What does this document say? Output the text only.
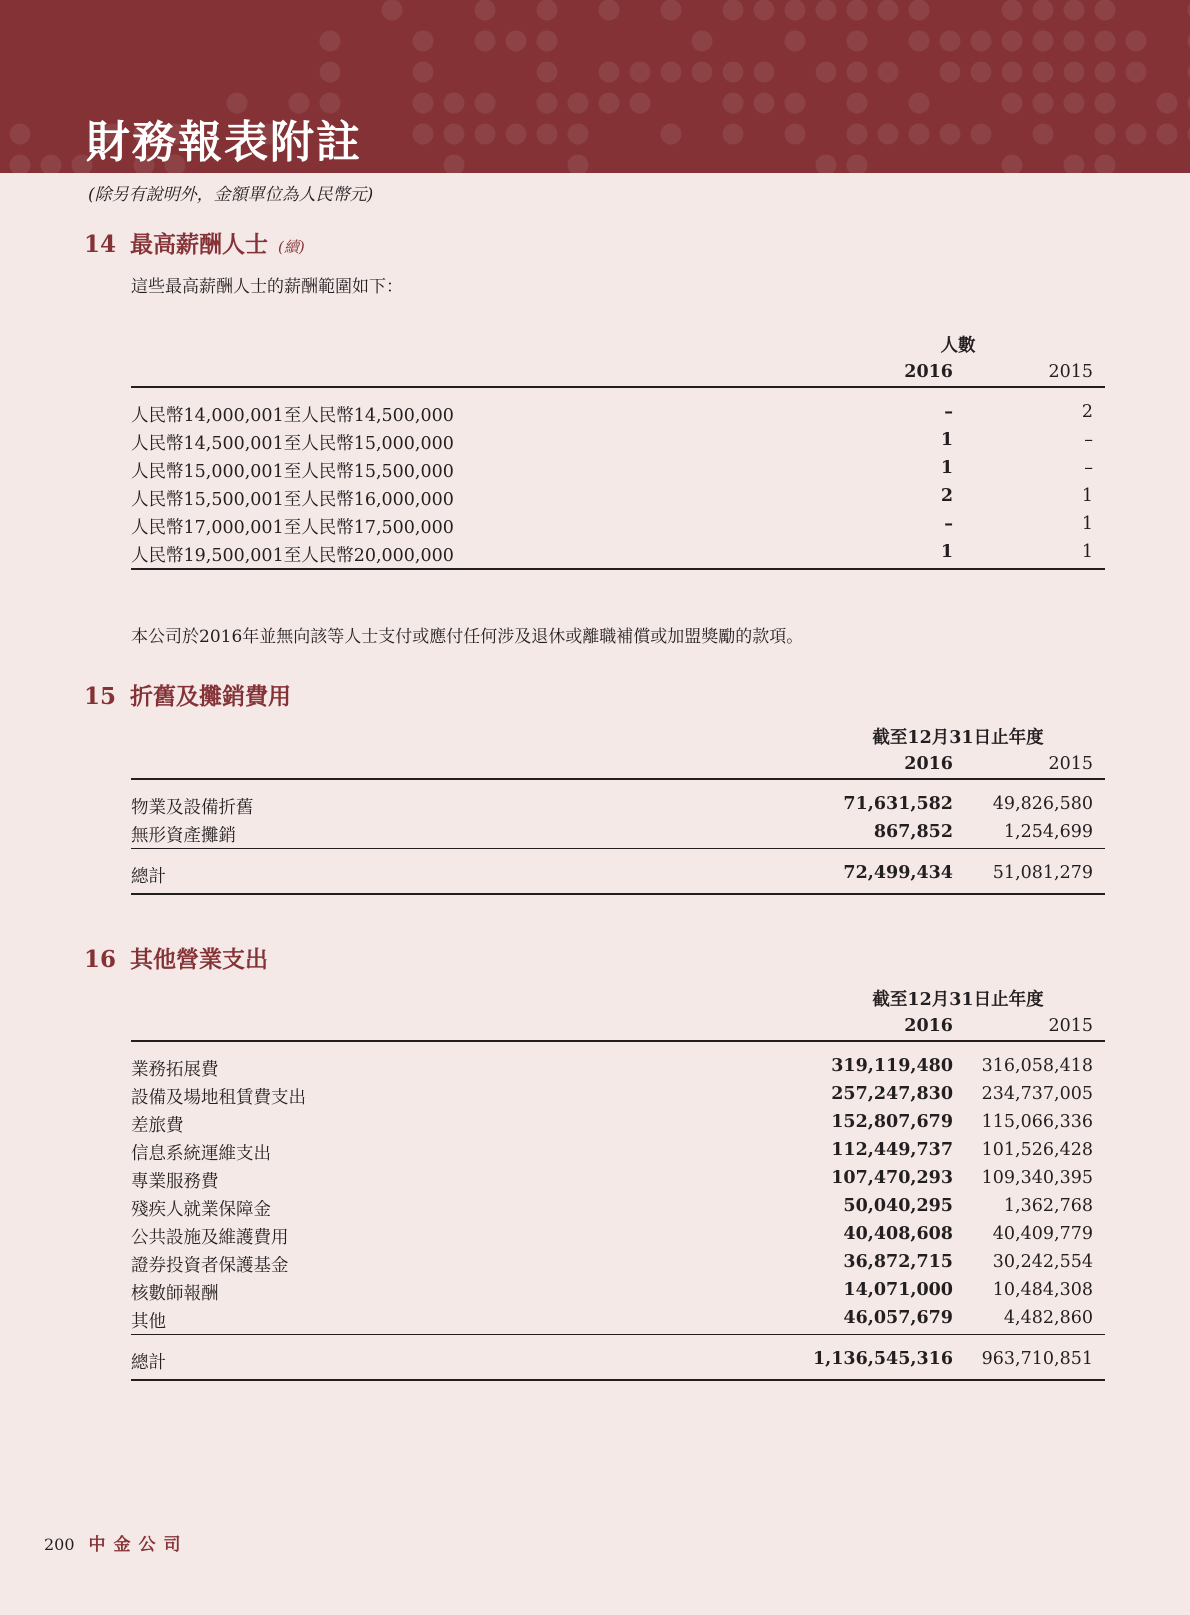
財務報表附註
(除另有說明外，金額單位為人民幣元)
14 最高薪酬人士 (續)
這些最高薪酬人士的薪酬範圍如下：
人數
2016	2015
人民幣14,000,001至人民幣14,500,000	–	2
人民幣14,500,001至人民幣15,000,000	1	–
人民幣15,000,001至人民幣15,500,000	1	–
人民幣15,500,001至人民幣16,000,000	2	1
人民幣17,000,001至人民幣17,500,000	–	1
人民幣19,500,001至人民幣20,000,000	1	1
本公司於2016年並無向該等人士支付或應付任何涉及退休或離職補償或加盟獎勵的款項。
15 折舊及攤銷費用
截至12月31日止年度
2016	2015
物業及設備折舊	71,631,582 49,826,580
無形資產攤銷	867,852	1,254,699
總計	72,499,434 51,081,279
16 其他營業支出
截至12月31日止年度
2016	2015
業務拓展費	319,119,480 316,058,418
設備及場地租賃費支出	257,247,830 234,737,005
差旅費	152,807,679 115,066,336
信息系統運維支出	112,449,737 101,526,428
專業服務費	107,470,293 109,340,395
殘疾人就業保障金	50,040,295	1,362,768
公共設施及維護費用	40,408,608 40,409,779
證券投資者保護基金	36,872,715 30,242,554
核數師報酬	14,071,000 10,484,308
其他	46,057,679	4,482,860
總計	1,136,545,316 963,710,851
200 中金公司
